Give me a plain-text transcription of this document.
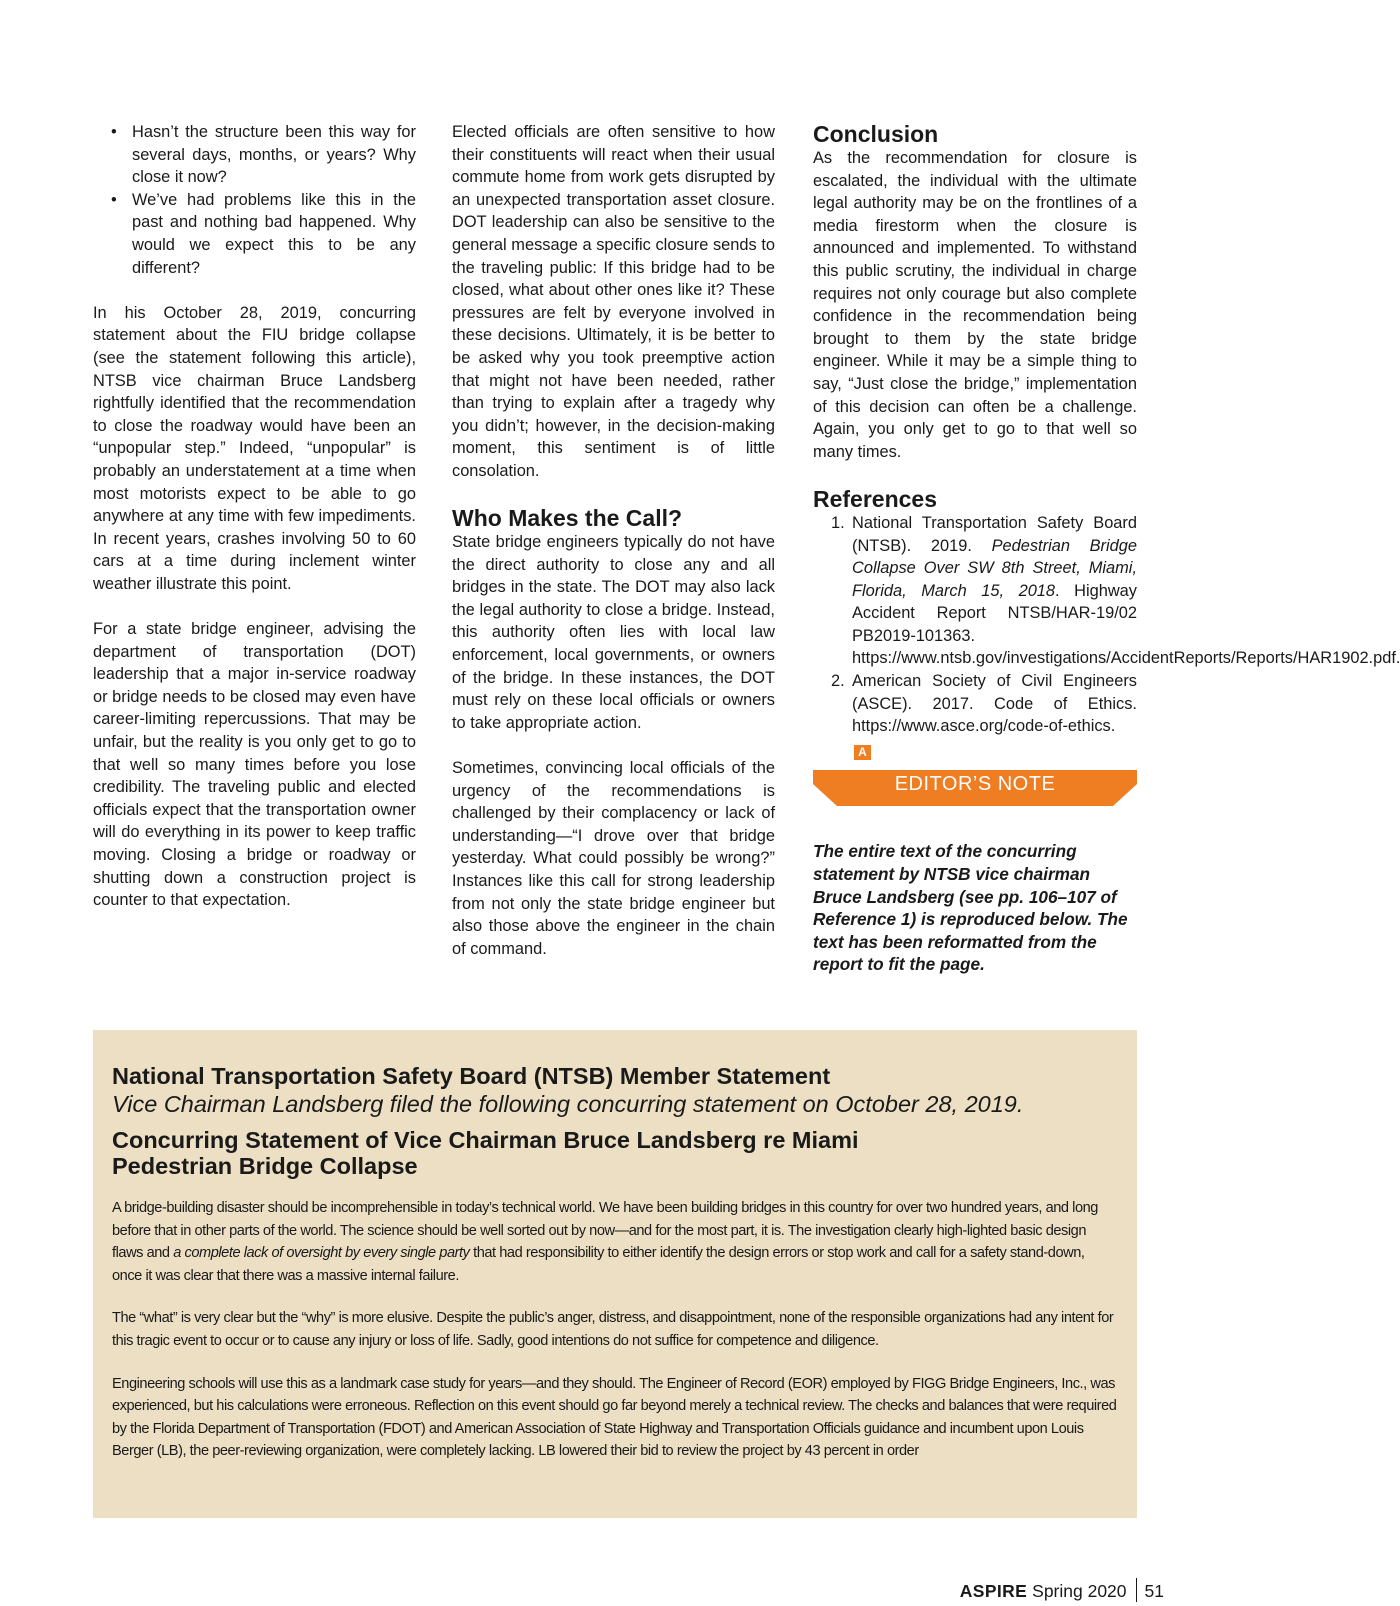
• Hasn’t the structure been this way for several days, months, or years? Why close it now?
• We’ve had problems like this in the past and nothing bad happened. Why would we expect this to be any different?

In his October 28, 2019, concurring statement about the FIU bridge collapse (see the statement following this article), NTSB vice chairman Bruce Landsberg rightfully identified that the recommendation to close the roadway would have been an “unpopular step.” Indeed, “unpopular” is probably an understatement at a time when most motorists expect to be able to go anywhere at any time with few impediments. In recent years, crashes involving 50 to 60 cars at a time during inclement winter weather illustrate this point.

For a state bridge engineer, advising the department of transportation (DOT) leadership that a major in-service roadway or bridge needs to be closed may even have career-limiting repercussions. That may be unfair, but the reality is you only get to go to that well so many times before you lose credibility. The traveling public and elected officials expect that the transportation owner will do everything in its power to keep traffic moving. Closing a bridge or roadway or shutting down a construction project is counter to that expectation.

Elected officials are often sensitive to how their constituents will react when their usual commute home from work gets disrupted by an unexpected transportation asset closure. DOT leadership can also be sensitive to the general message a specific closure sends to the traveling public: If this bridge had to be closed, what about other ones like it? These pressures are felt by everyone involved in these decisions. Ultimately, it is be better to be asked why you took preemptive action that might not have been needed, rather than trying to explain after a tragedy why you didn’t; however, in the decision-making moment, this sentiment is of little consolation.

Who Makes the Call?

State bridge engineers typically do not have the direct authority to close any and all bridges in the state. The DOT may also lack the legal authority to close a bridge. Instead, this authority often lies with local law enforcement, local governments, or owners of the bridge. In these instances, the DOT must rely on these local officials or owners to take appropriate action.

Sometimes, convincing local officials of the urgency of the recommendations is challenged by their complacency or lack of understanding—“I drove over that bridge yesterday. What could possibly be wrong?” Instances like this call for strong leadership from not only the state bridge engineer but also those above the engineer in the chain of command.

Conclusion

As the recommendation for closure is escalated, the individual with the ultimate legal authority may be on the frontlines of a media firestorm when the closure is announced and implemented. To withstand this public scrutiny, the individual in charge requires not only courage but also complete confidence in the recommendation being brought to them by the state bridge engineer. While it may be a simple thing to say, “Just close the bridge,” implementation of this decision can often be a challenge. Again, you only get to go to that well so many times.

References
1. National Transportation Safety Board (NTSB). 2019. Pedestrian Bridge Collapse Over SW 8th Street, Miami, Florida, March 15, 2018. Highway Accident Report NTSB/HAR-19/02 PB2019-101363. https://www.ntsb.gov/investigations/AccidentReports/Reports/HAR1902.pdf.
2. American Society of Civil Engineers (ASCE). 2017. Code of Ethics. https://www.asce.org/code-of-ethics. A
EDITOR’S NOTE

The entire text of the concurring statement by NTSB vice chairman Bruce Landsberg (see pp. 106–107 of Reference 1) is reproduced below. The text has been reformatted from the report to fit the page.

National Transportation Safety Board (NTSB) Member Statement
Vice Chairman Landsberg filed the following concurring statement on October 28, 2019.
Concurring Statement of Vice Chairman Bruce Landsberg re Miami Pedestrian Bridge Collapse

A bridge-building disaster should be incomprehensible in today’s technical world. We have been building bridges in this country for over two hundred years, and long before that in other parts of the world. The science should be well sorted out by now—and for the most part, it is. The investigation clearly high-lighted basic design flaws and a complete lack of oversight by every single party that had responsibility to either identify the design errors or stop work and call for a safety stand-down, once it was clear that there was a massive internal failure.

The “what” is very clear but the “why” is more elusive. Despite the public’s anger, distress, and disappointment, none of the responsible organizations had any intent for this tragic event to occur or to cause any injury or loss of life. Sadly, good intentions do not suffice for competence and diligence.

Engineering schools will use this as a landmark case study for years—and they should. The Engineer of Record (EOR) employed by FIGG Bridge Engineers, Inc., was experienced, but his calculations were erroneous. Reflection on this event should go far beyond merely a technical review. The checks and balances that were required by the Florida Department of Transportation (FDOT) and American Association of State Highway and Transportation Officials guidance and incumbent upon Louis Berger (LB), the peer-reviewing organization, were completely lacking. LB lowered their bid to review the project by 43 percent in order

ASPIRE Spring 2020 51
